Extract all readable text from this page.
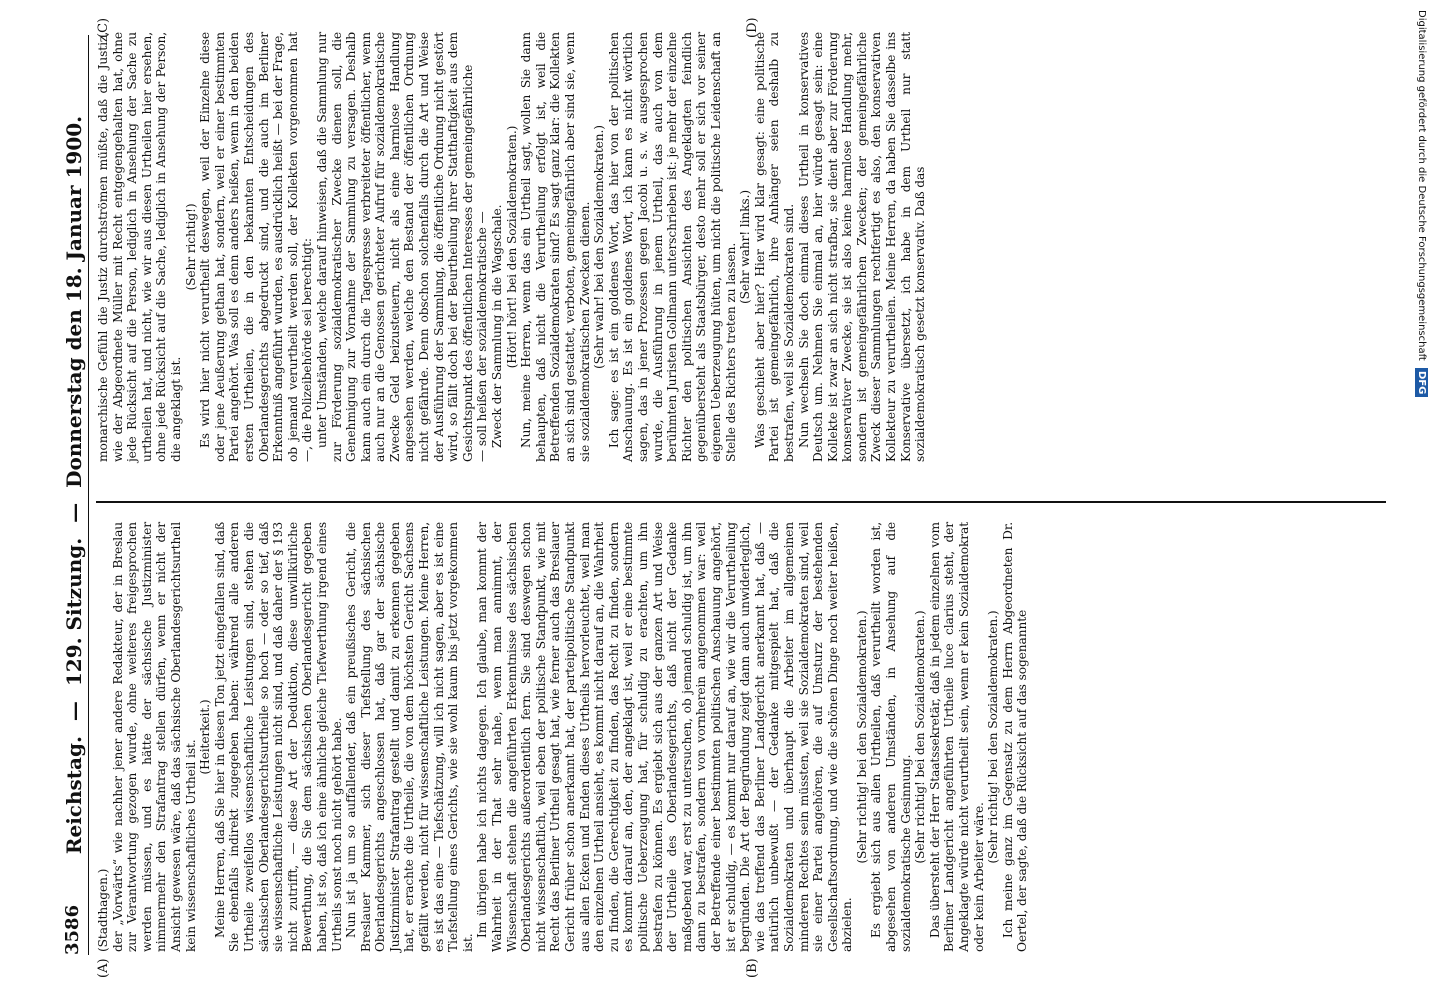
3586
Reichstag. — 129. Sitzung. — Donnerstag den 18. Januar 1900.
(A)	(B)
(C)	(D)

(Stadthagen.) der „Vorwärts“ wie nachher jener andere Redakteur, der in Breslau zur Verantwortung gezogen wurde, ohne weiteres freigesprochen werden müssen, und es hätte der sächsische Justizminister nimmermehr den Strafantrag stellen dürfen, wenn er nicht der Ansicht gewesen wäre, daß das sächsische Oberlandesgerichtsurtheil kein wissenschaftliches Urtheil ist.

(Heiterkeit.) Meine Herren, daß Sie hier in diesen Ton jetzt eingefallen sind, daß Sie ebenfalls indirekt zugegeben haben: während alle anderen Urtheile zweifellos wissenschaftliche Leistungen sind, stehen die sächsischen Oberlandesgerichtsurtheile so hoch — oder so tief, daß sie wissenschaftliche Leistungen nicht sind, und daß daher der § 193 nicht zutrifft, — diese Art der Deduktion, diese unwillkürliche Bewerthung, die Sie dem sächsischen Oberlandesgericht gegeben haben, ist so, daß ich eine ähnliche gleiche Tiefwerthung irgend eines Urtheils sonst noch nicht gehört habe. Nun ist ja um so auffallender, daß ein preußisches Gericht, die Breslauer Kammer, sich dieser Tiefstellung des sächsischen Oberlandesgerichts angeschlossen hat, daß gar der sächsische Justizminister Strafantrag gestellt und damit zu erkennen gegeben hat, er erachte die Urtheile, die von dem höchsten Gericht Sachsens gefällt werden, nicht für wissenschaftliche Leistungen. Meine Herren, es ist das eine — Tiefschätzung, will ich nicht sagen, aber es ist eine Tiefstellung eines Gerichts, wie sie wohl kaum bis jetzt vorgekommen ist.

Im übrigen habe ich nichts dagegen. Ich glaube, man kommt der Wahrheit in der That sehr nahe, wenn man annimmt, der Wissenschaft stehen die angeführten Erkenntnisse des sächsischen Oberlandesgerichts außerordentlich fern. Sie sind deswegen schon nicht wissenschaftlich, weil eben der politische Standpunkt, wie mit Recht das Berliner Urtheil gesagt hat, wie ferner auch das Breslauer Gericht früher schon anerkannt hat, der parteipolitische Standpunkt aus allen Ecken und Enden dieses Urtheils hervorleuchtet, weil man den einzelnen Urtheil ansieht, es kommt nicht darauf an, die Wahrheit zu finden, die Gerechtigkeit zu finden, das Recht zu finden, sondern es kommt darauf an, den, der angeklagt ist, weil er eine bestimmte politische Ueberzeugung hat, für schuldig zu erachten, um ihn bestrafen zu können. Es ergiebt sich aus der ganzen Art und Weise der Urtheile des Oberlandesgerichts, daß nicht der Gedanke maßgebend war, erst zu untersuchen, ob jemand schuldig ist, um ihn dann zu bestrafen, sondern von vornherein angenommen war: weil der Betreffende einer bestimmten politischen Anschauung angehört, ist er schuldig, — es kommt nur darauf an, wie wir die Verurtheilung begründen. Die Art der Begründung zeigt dann auch unwiderleglich, wie das treffend das Berliner Landgericht anerkannt hat, daß — natürlich unbewußt — der Gedanke mitgespielt hat, daß die Sozialdemokraten und überhaupt die Arbeiter im allgemeinen minderen Rechtes sein müssten, weil sie Sozialdemokraten sind, weil sie einer Partei angehören, die auf Umsturz der bestehenden Gesellschaftsordnung, und wie die schönen Dinge noch weiter heißen, abzielen.

(Sehr richtig! bei den Sozialdemokraten.) Es ergiebt sich aus allen Urtheilen, daß verurtheilt worden ist, abgesehen von anderen Umständen, in Ansehung auf die sozialdemokratische Gesinnung. (Sehr richtig! bei den Sozialdemokraten.) Das übersteht der Herr Staatssekretär, daß in jedem einzelnen vom Berliner Landgericht angeführten Urtheile luce clarius steht, der Angeklagte würde nicht verurtheilt sein, wenn er kein Sozialdemokrat oder kein Arbeiter wäre.

(Sehr richtig! bei den Sozialdemokraten.) Ich meine ganz im Gegensatz zu dem Herrn Abgeordneten Dr. Oertel, der sagte, daß die Rücksicht auf das sogenannte

monarchische Gefühl die Justiz durchströmen müßte, daß die Justiz, wie der Abgeordnete Müller mit Recht entgegengehalten hat, ohne jede Rücksicht auf die Person, lediglich in Ansehung der Sache zu urtheilen hat, und nicht, wie wir aus diesen Urtheilen hier ersehen, ohne jede Rücksicht auf die Sache, lediglich in Ansehung der Person, die angeklagt ist.

(Sehr richtig!) Es wird hier nicht verurtheilt deswegen, weil der Einzelne diese oder jene Aeußerung gethan hat, sondern, weil er einer bestimmten Partei angehört. Was soll es denn anders heißen, wenn in den beiden ersten Urtheilen, die in den bekannten Entscheidungen des Oberlandesgerichts abgedruckt sind, und die auch im Berliner Erkenntniß angeführt wurden, es ausdrücklich heißt — bei der Frage, ob jemand verurtheilt werden soll, der Kollekten vorgenommen hat —, die Polizeibehörde sei berechtigt: unter Umständen, welche darauf hinweisen, daß die Sammlung nur zur Förderung sozialdemokratischer Zwecke dienen soll, die Genehmigung zur Vornahme der Sammlung zu versagen. Deshalb kann auch ein durch die Tagespresse verbreiteter öffentlicher, wenn auch nur an die Genossen gerichteter Aufruf für sozialdemokratische Zwecke Geld beizusteuern, nicht als eine harmlose Handlung angesehen werden, welche den Bestand der öffentlichen Ordnung nicht gefährde. Denn obschon solchenfalls durch die Art und Weise der Ausführung der Sammlung, die öffentliche Ordnung nicht gestört wird, so fällt doch bei der Beurtheilung ihrer Statthaftigkeit aus dem Gesichtspunkt des öffentlichen Interesses der gemeingefährliche — soll heißen der sozialdemokratische — Zweck der Sammlung in die Wagschale. (Hört! hört! bei den Sozialdemokraten.) Nun, meine Herren, wenn das ein Urtheil sagt, wollen Sie dann behaupten, daß nicht die Verurtheilung erfolgt ist, weil die Betreffenden Sozialdemokraten sind? Es sagt ganz klar: die Kollekten an sich sind gestattet, verboten, gemeingefährlich aber sind sie, wenn sie sozialdemokratischen Zwecken dienen. (Sehr wahr! bei den Sozialdemokraten.) Ich sage: es ist ein goldenes Wort, das hier von der politischen Anschauung. Es ist ein goldenes Wort, ich kann es nicht wörtlich sagen, das in jener Prozessen gegen Jacobi u. s. w. ausgesprochen wurde, die Ausführung in jenem Urtheil, das auch von dem berühmten Juristen Gollmann unterschrieben ist: je mehr der einzelne Richter den politischen Ansichten des Angeklagten feindlich gegenübersteht als Staatsbürger, desto mehr soll er sich vor seiner eigenen Ueberzeugung hüten, um nicht die politische Leidenschaft an Stelle des Richters treten zu lassen. (Sehr wahr! links.) Was geschieht aber hier? Hier wird klar gesagt: eine politische Partei ist gemeingefährlich, ihre Anhänger seien deshalb zu bestrafen, weil sie Sozialdemokraten sind. Nun wechseln Sie doch einmal dieses Urtheil in konservatives Deutsch um. Nehmen Sie einmal an, hier würde gesagt sein: eine Kollekte ist zwar an sich nicht strafbar, sie dient aber zur Förderung konservativer Zwecke, sie ist also keine harmlose Handlung mehr, sondern ist gemeingefährlichen Zwecken; der gemeingefährliche Zweck dieser Sammlungen rechtfertigt es also, den konservativen Kollekteur zu verurtheilen. Meine Herren, da haben Sie dasselbe ins Konservative übersetzt, ich habe in dem Urtheil nur statt sozialdemokratisch gesetzt konservativ. Daß das	Digitalisierung gefördert durch die Deutsche Forschungsgemeinschaft DFG
